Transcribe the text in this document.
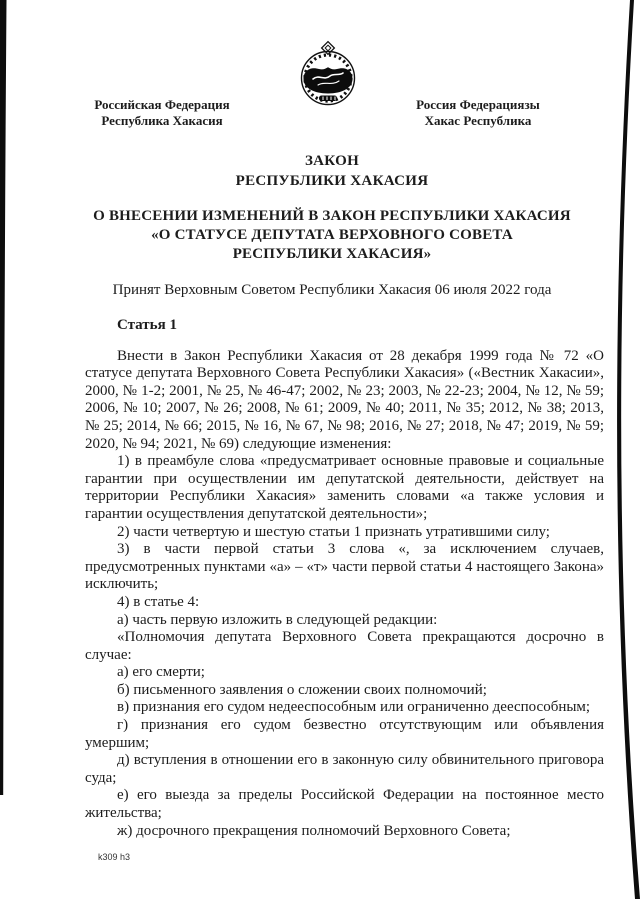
Российская Федерация
Республика Хакасия
Россия Федерациязы
Хакас Республика
ЗАКОН
РЕСПУБЛИКИ ХАКАСИЯ
О ВНЕСЕНИИ ИЗМЕНЕНИЙ В ЗАКОН РЕСПУБЛИКИ ХАКАСИЯ
«О СТАТУСЕ ДЕПУТАТА ВЕРХОВНОГО СОВЕТА
РЕСПУБЛИКИ ХАКАСИЯ»
Принят Верховным Советом Республики Хакасия 06 июля 2022 года
Статья 1

Внести в Закон Республики Хакасия от 28 декабря 1999 года № 72 «О статусе депутата Верховного Совета Республики Хакасия» («Вестник Хакасии», 2000, № 1-2; 2001, № 25, № 46-47; 2002, № 23; 2003, № 22-23; 2004, № 12, № 59; 2006, № 10; 2007, № 26; 2008, № 61; 2009, № 40; 2011, № 35; 2012, № 38; 2013, № 25; 2014, № 66; 2015, № 16, № 67, № 98; 2016, № 27; 2018, № 47; 2019, № 59; 2020, № 94; 2021, № 69) следующие изменения:

1) в преамбуле слова «предусматривает основные правовые и социальные гарантии при осуществлении им депутатской деятельности, действует на территории Республики Хакасия» заменить словами «а также условия и гарантии осуществления депутатской деятельности»;

2) части четвертую и шестую статьи 1 признать утратившими силу;

3) в части первой статьи 3 слова «, за исключением случаев, предусмотренных пунктами «а» – «т» части первой статьи 4 настоящего Закона» исключить;

4) в статье 4:

а) часть первую изложить в следующей редакции:

«Полномочия депутата Верховного Совета прекращаются досрочно в случае:

а) его смерти;

б) письменного заявления о сложении своих полномочий;

в) признания его судом недееспособным или ограниченно дееспособным;

г) признания его судом безвестно отсутствующим или объявления умершим;

д) вступления в отношении его в законную силу обвинительного приговора суда;

е) его выезда за пределы Российской Федерации на постоянное место жительства;

ж) досрочного прекращения полномочий Верховного Совета;

k309 h3
